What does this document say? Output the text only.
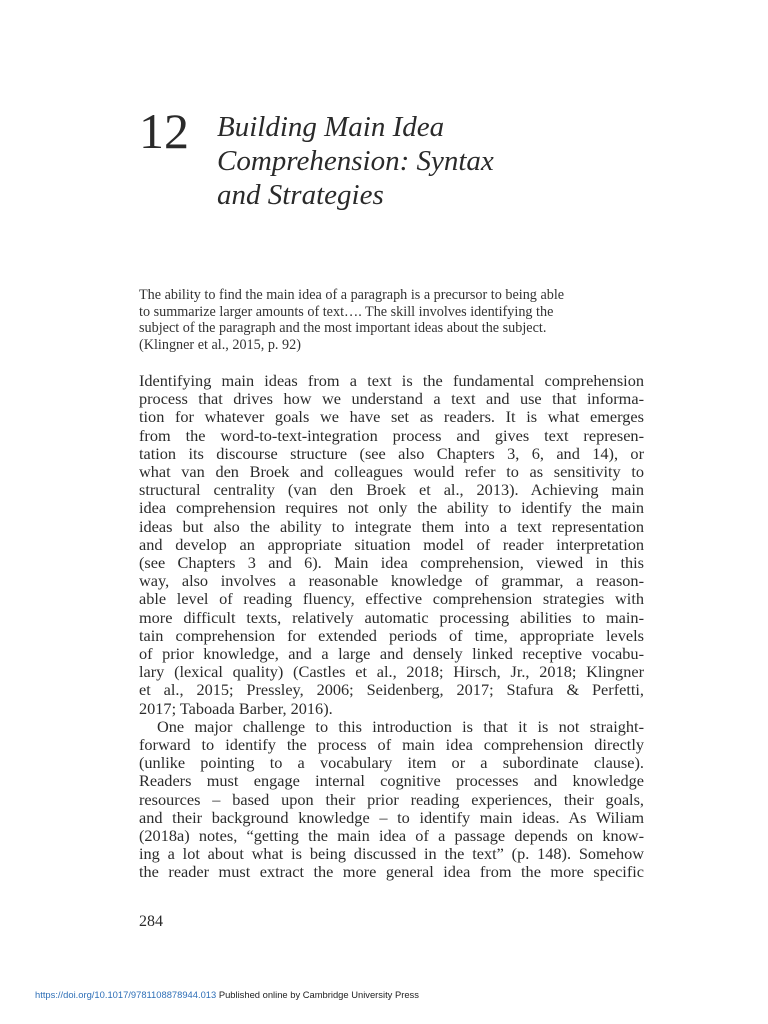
12 Building Main Idea
Comprehension: Syntax
and Strategies
The ability to find the main idea of a paragraph is a precursor to being able
to summarize larger amounts of text…. The skill involves identifying the
subject of the paragraph and the most important ideas about the subject.
(Klingner et al., 2015, p. 92)
Identifying main ideas from a text is the fundamental comprehension
process that drives how we understand a text and use that informa-
tion for whatever goals we have set as readers. It is what emerges
from the word-to-text-integration process and gives text represen-
tation its discourse structure (see also Chapters 3, 6, and 14), or
what van den Broek and colleagues would refer to as sensitivity to
structural centrality (van den Broek et al., 2013). Achieving main
idea comprehension requires not only the ability to identify the main
ideas but also the ability to integrate them into a text representation
and develop an appropriate situation model of reader interpretation
(see Chapters 3 and 6). Main idea comprehension, viewed in this
way, also involves a reasonable knowledge of grammar, a reason-
able level of reading fluency, effective comprehension strategies with
more difficult texts, relatively automatic processing abilities to main-
tain comprehension for extended periods of time, appropriate levels
of prior knowledge, and a large and densely linked receptive vocabu-
lary (lexical quality) (Castles et al., 2018; Hirsch, Jr., 2018; Klingner
et al., 2015; Pressley, 2006; Seidenberg, 2017; Stafura & Perfetti,
2017; Taboada Barber, 2016).
One major challenge to this introduction is that it is not straight-
forward to identify the process of main idea comprehension directly
(unlike pointing to a vocabulary item or a subordinate clause).
Readers must engage internal cognitive processes and knowledge
resources – based upon their prior reading experiences, their goals,
and their background knowledge – to identify main ideas. As Wiliam
(2018a) notes, “getting the main idea of a passage depends on know-
ing a lot about what is being discussed in the text” (p. 148). Somehow
the reader must extract the more general idea from the more specific
284
https://doi.org/10.1017/9781108878944.013 Published online by Cambridge University Press
